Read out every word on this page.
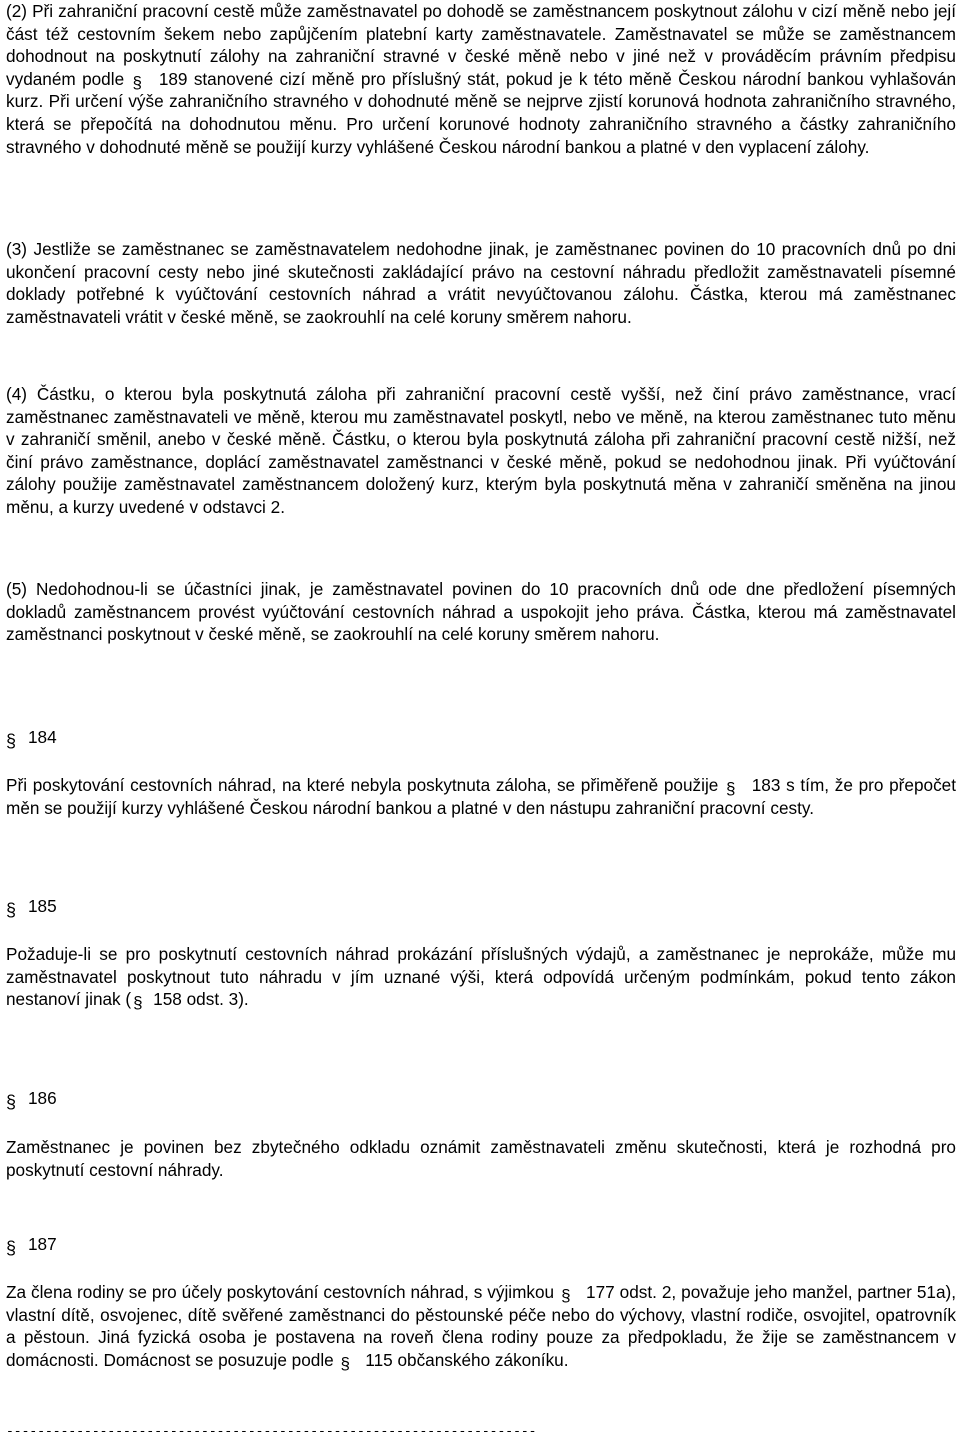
(2) Při zahraniční pracovní cestě může zaměstnavatel po dohodě se zaměstnancem poskytnout zálohu v cizí měně nebo její část též cestovním šekem nebo zapůjčením platební karty zaměstnavatele. Zaměstnavatel se může se zaměstnancem dohodnout na poskytnutí zálohy na zahraniční stravné v české měně nebo v jiné než v prováděcím právním předpisu vydaném podle § 189 stanovené cizí měně pro příslušný stát, pokud je k této měně Českou národní bankou vyhlašován kurz. Při určení výše zahraničního stravného v dohodnuté měně se nejprve zjistí korunová hodnota zahraničního stravného, která se přepočítá na dohodnutou měnu. Pro určení korunové hodnoty zahraničního stravného a částky zahraničního stravného v dohodnuté měně se použijí kurzy vyhlášené Českou národní bankou a platné v den vyplacení zálohy.

(3) Jestliže se zaměstnanec se zaměstnavatelem nedohodne jinak, je zaměstnanec povinen do 10 pracovních dnů po dni ukončení pracovní cesty nebo jiné skutečnosti zakládající právo na cestovní náhradu předložit zaměstnavateli písemné doklady potřebné k vyúčtování cestovních náhrad a vrátit nevyúčtovanou zálohu. Částka, kterou má zaměstnanec zaměstnavateli vrátit v české měně, se zaokrouhlí na celé koruny směrem nahoru.

(4) Částku, o kterou byla poskytnutá záloha při zahraniční pracovní cestě vyšší, než činí právo zaměstnance, vrací zaměstnanec zaměstnavateli ve měně, kterou mu zaměstnavatel poskytl, nebo ve měně, na kterou zaměstnanec tuto měnu v zahraničí směnil, anebo v české měně. Částku, o kterou byla poskytnutá záloha při zahraniční pracovní cestě nižší, než činí právo zaměstnance, doplácí zaměstnavatel zaměstnanci v české měně, pokud se nedohodnou jinak. Při vyúčtování zálohy použije zaměstnavatel zaměstnancem doložený kurz, kterým byla poskytnutá měna v zahraničí směněna na jinou měnu, a kurzy uvedené v odstavci 2.

(5) Nedohodnou-li se účastníci jinak, je zaměstnavatel povinen do 10 pracovních dnů ode dne předložení písemných dokladů zaměstnancem provést vyúčtování cestovních náhrad a uspokojit jeho práva. Částka, kterou má zaměstnavatel zaměstnanci poskytnout v české měně, se zaokrouhlí na celé koruny směrem nahoru.

§184

Při poskytování cestovních náhrad, na které nebyla poskytnuta záloha, se přiměřeně použije § 183 s tím, že pro přepočet měn se použijí kurzy vyhlášené Českou národní bankou a platné v den nástupu zahraniční pracovní cesty.

§185

Požaduje-li se pro poskytnutí cestovních náhrad prokázání příslušných výdajů, a zaměstnanec je neprokáže, může mu zaměstnavatel poskytnout tuto náhradu v jím uznané výši, která odpovídá určeným podmínkám, pokud tento zákon nestanoví jinak ( § 158 odst. 3).

§186

Zaměstnanec je povinen bez zbytečného odkladu oznámit zaměstnavateli změnu skutečnosti, která je rozhodná pro poskytnutí cestovní náhrady.

§187

Za člena rodiny se pro účely poskytování cestovních náhrad, s výjimkou § 177 odst. 2, považuje jeho manžel, partner 51a), vlastní dítě, osvojenec, dítě svěřené zaměstnanci do pěstounské péče nebo do výchovy, vlastní rodiče, osvojitel, opatrovník a pěstoun. Jiná fyzická osoba je postavena na roveň člena rodiny pouze za předpokladu, že žije se zaměstnancem v domácnosti. Domácnost se posuzuje podle § 115 občanského zákoníku.

--------------------------------------------------------------------
